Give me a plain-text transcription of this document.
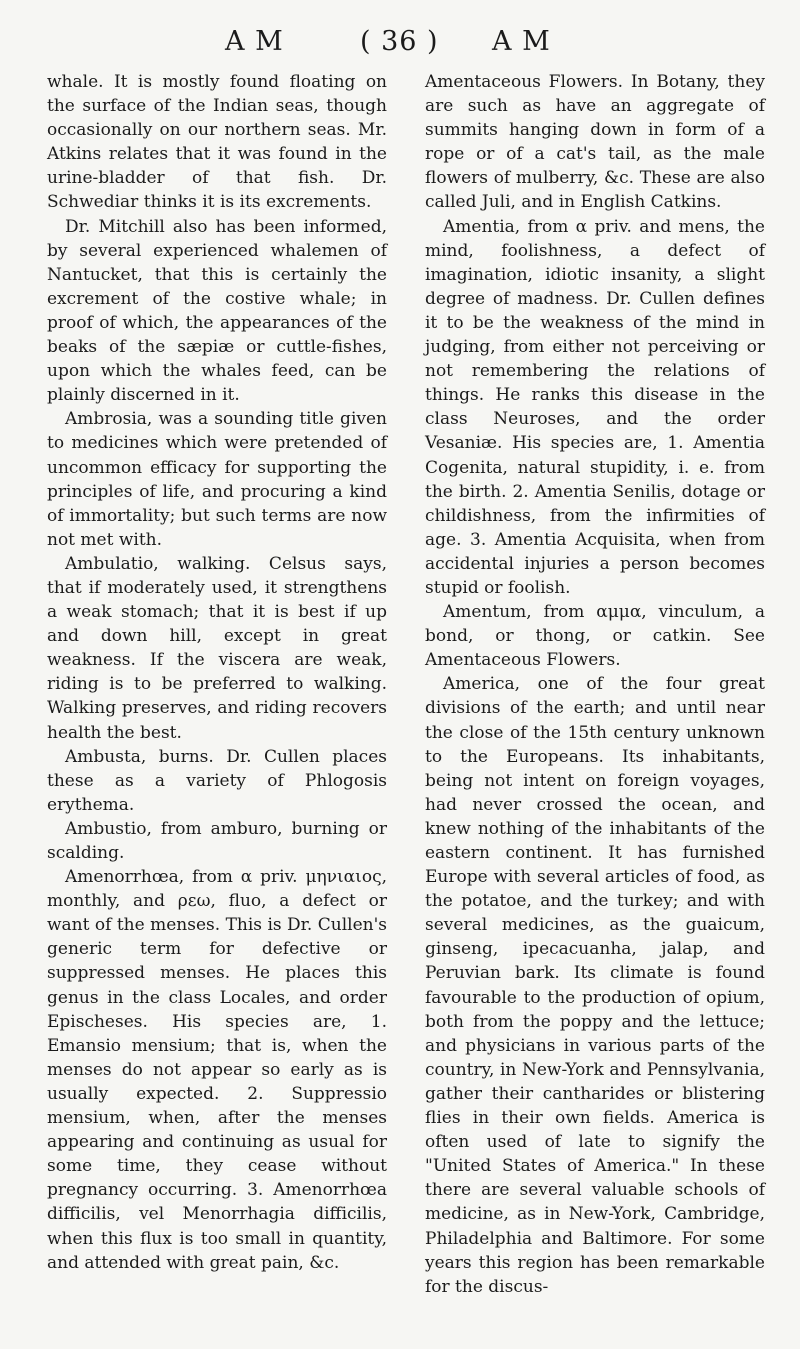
A M	( 36 ) A M

whale. It is mostly found floating on the surface of the Indian seas, though occasionally on our northern seas. Mr. Atkins relates that it was found in the urine-bladder of that fish. Dr. Schwediar thinks it is its excrements.

Dr. Mitchill also has been informed, by several experienced whalemen of Nantucket, that this is certainly the excrement of the costive whale; in proof of which, the appearances of the beaks of the sæpiæ or cuttle-fishes, upon which the whales feed, can be plainly discerned in it.

Ambrosia, was a sounding title given to medicines which were pretended of uncommon efficacy for supporting the principles of life, and procuring a kind of immortality; but such terms are now not met with.

Ambulatio, walking. Celsus says, that if moderately used, it strengthens a weak stomach; that it is best if up and down hill, except in great weakness. If the viscera are weak, riding is to be preferred to walking. Walking preserves, and riding recovers health the best.

Ambusta, burns. Dr. Cullen places these as a variety of Phlogosis erythema.

Ambustio, from amburo, burning or scalding.

Amenorrhœa, from α priv. μηνιαιος, monthly, and ρεω, fluo, a defect or want of the menses. This is Dr. Cullen's generic term for defective or suppressed menses. He places this genus in the class Locales, and order Epischeses. His species are, 1. Emansio mensium; that is, when the menses do not appear so early as is usually expected. 2. Suppressio mensium, when, after the menses appearing and continuing as usual for some time, they cease without pregnancy occurring. 3. Amenorrhœa difficilis, vel Menorrhagia difficilis, when this flux is too small in quantity, and attended with great pain, &c.

Amentaceous Flowers. In Botany, they are such as have an aggregate of summits hanging down in form of a rope or of a cat's tail, as the male flowers of mulberry, &c. These are also called Juli, and in English Catkins.

Amentia, from α priv. and mens, the mind, foolishness, a defect of imagination, idiotic insanity, a slight degree of madness. Dr. Cullen defines it to be the weakness of the mind in judging, from either not perceiving or not remembering the relations of things. He ranks this disease in the class Neuroses, and the order Vesaniæ. His species are, 1. Amentia Cogenita, natural stupidity, i. e. from the birth. 2. Amentia Senilis, dotage or childishness, from the infirmities of age. 3. Amentia Acquisita, when from accidental injuries a person becomes stupid or foolish.

Amentum, from αμμα, vinculum, a bond, or thong, or catkin. See Amentaceous Flowers.

America, one of the four great divisions of the earth; and until near the close of the 15th century unknown to the Europeans. Its inhabitants, being not intent on foreign voyages, had never crossed the ocean, and knew nothing of the inhabitants of the eastern continent. It has furnished Europe with several articles of food, as the potatoe, and the turkey; and with several medicines, as the guaicum, ginseng, ipecacuanha, jalap, and Peruvian bark. Its climate is found favourable to the production of opium, both from the poppy and the lettuce; and physicians in various parts of the country, in New-York and Pennsylvania, gather their cantharides or blistering flies in their own fields. America is often used of late to signify the "United States of America." In these there are several valuable schools of medicine, as in New-York, Cambridge, Philadelphia and Baltimore. For some years this region has been remarkable for the discus-
